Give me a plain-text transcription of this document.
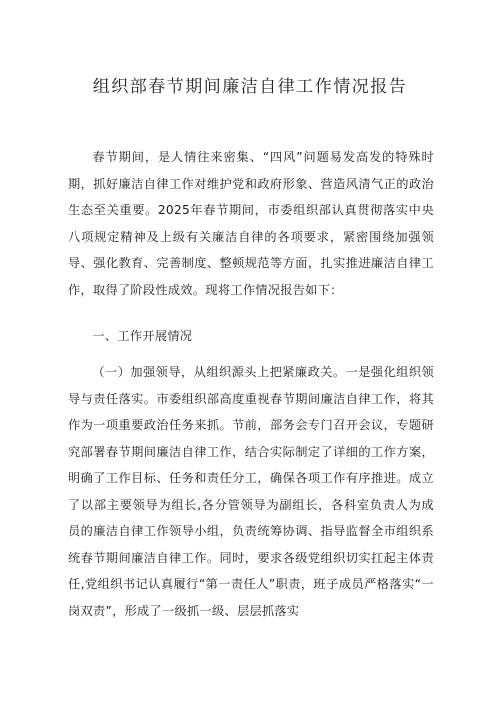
组织部春节期间廉洁自律工作情况报告

春节期间，是人情往来密集、“四风”问题易发高发的特殊时期，抓好廉洁自律工作对维护党和政府形象、营造风清气正的政治生态至关重要。2025年春节期间，市委组织部认真贯彻落实中央八项规定精神及上级有关廉洁自律的各项要求，紧密围绕加强领导、强化教育、完善制度、整顿规范等方面，扎实推进廉洁自律工作，取得了阶段性成效。现将工作情况报告如下：

一、工作开展情况

（一）加强领导，从组织源头上把紧廉政关。一是强化组织领导与责任落实。市委组织部高度重视春节期间廉洁自律工作，将其作为一项重要政治任务来抓。节前，部务会专门召开会议，专题研究部署春节期间廉洁自律工作，结合实际制定了详细的工作方案，明确了工作目标、任务和责任分工，确保各项工作有序推进。成立了以部主要领导为组长,各分管领导为副组长，各科室负责人为成员的廉洁自律工作领导小组，负责统筹协调、指导监督全市组织系统春节期间廉洁自律工作。同时，要求各级党组织切实扛起主体责任,党组织书记认真履行“第一责任人”职责，班子成员严格落实“一岗双责”，形成了一级抓一级、层层抓落实
